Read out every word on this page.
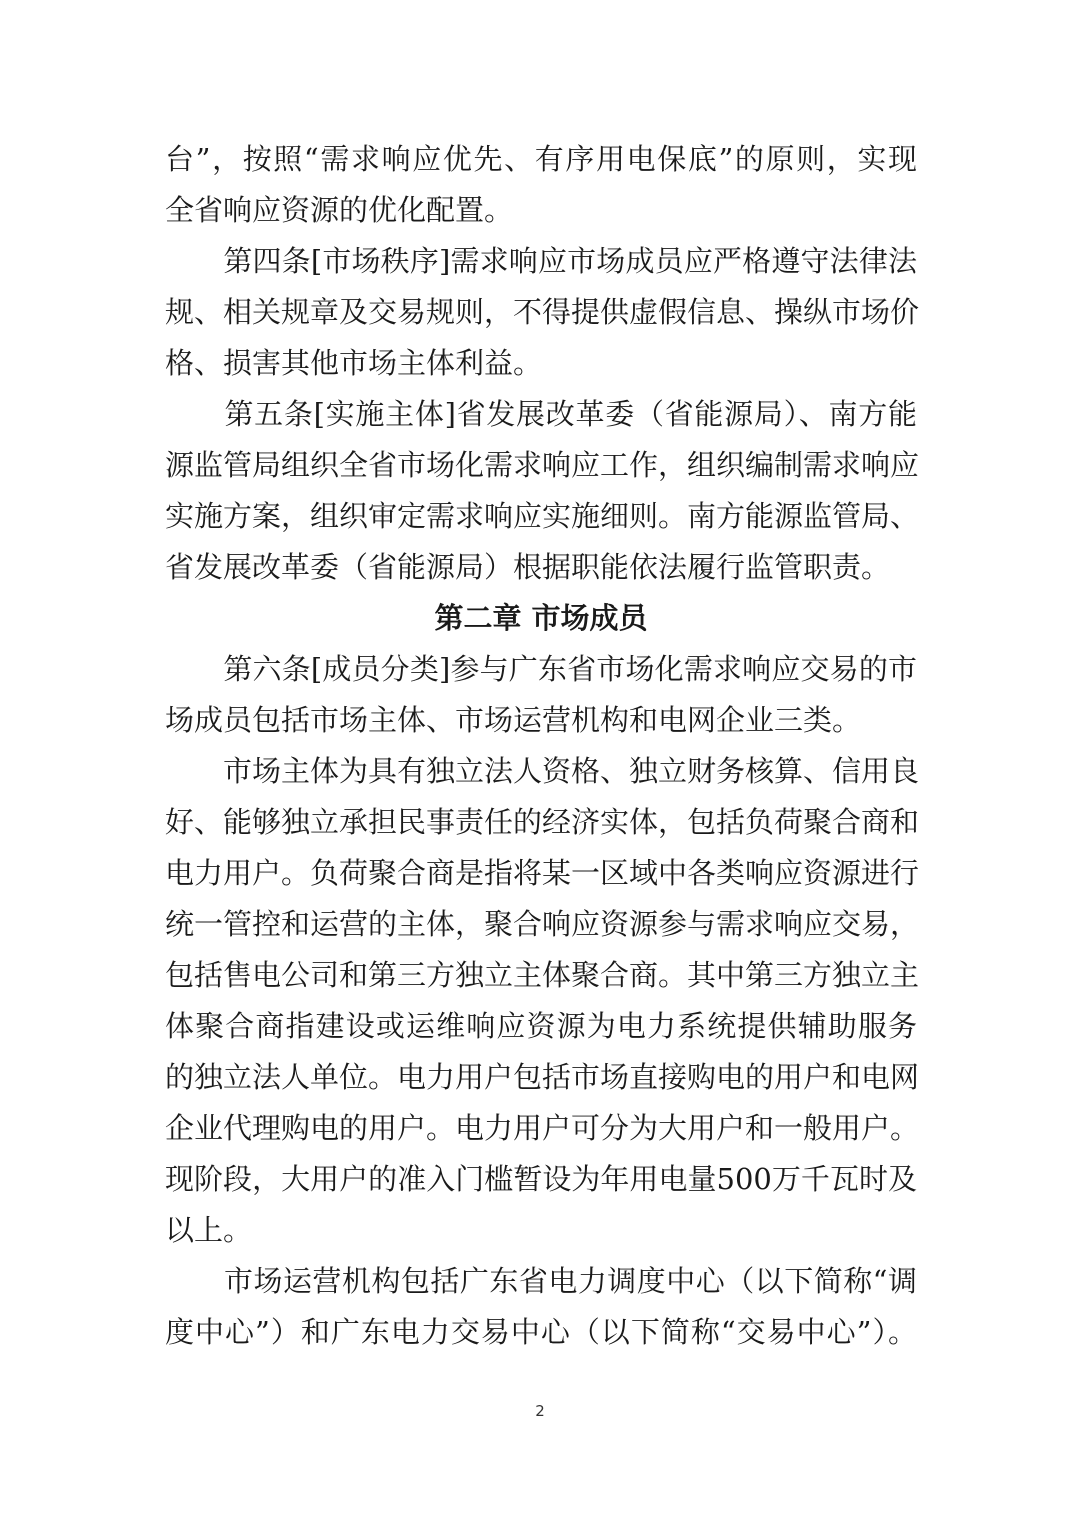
台”，按照“需求响应优先、有序用电保底”的原则，实现
全省响应资源的优化配置。
　　第四条[市场秩序]需求响应市场成员应严格遵守法律法
规、相关规章及交易规则，不得提供虚假信息、操纵市场价
格、损害其他市场主体利益。
　　第五条[实施主体]省发展改革委（省能源局）、南方能
源监管局组织全省市场化需求响应工作，组织编制需求响应
实施方案，组织审定需求响应实施细则。南方能源监管局、
省发展改革委（省能源局）根据职能依法履行监管职责。
第二章 市场成员
　　第六条[成员分类]参与广东省市场化需求响应交易的市
场成员包括市场主体、市场运营机构和电网企业三类。
　　市场主体为具有独立法人资格、独立财务核算、信用良
好、能够独立承担民事责任的经济实体，包括负荷聚合商和
电力用户。负荷聚合商是指将某一区域中各类响应资源进行
统一管控和运营的主体，聚合响应资源参与需求响应交易，
包括售电公司和第三方独立主体聚合商。其中第三方独立主
体聚合商指建设或运维响应资源为电力系统提供辅助服务
的独立法人单位。电力用户包括市场直接购电的用户和电网
企业代理购电的用户。电力用户可分为大用户和一般用户。
现阶段，大用户的准入门槛暂设为年用电量500万千瓦时及
以上。
　　市场运营机构包括广东省电力调度中心（以下简称“调
度中心”）和广东电力交易中心（以下简称“交易中心”）。
2
